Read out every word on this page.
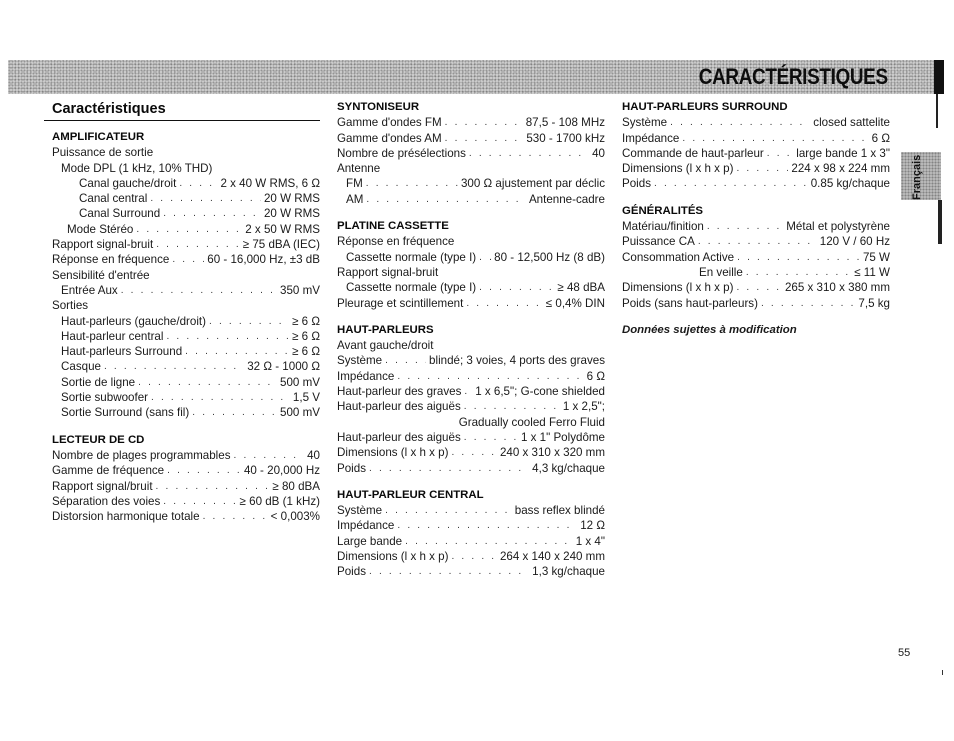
CARACTÉRISTIQUES
Français
Caractéristiques
AMPLIFICATEUR
Puissance de sortie
Mode DPL (1 kHz, 10% THD)
Canal gauche/droit . . .	2 x 40 W RMS, 6 Ω
Canal central . . .	20 W RMS
Canal Surround . . .	20 W RMS
Mode Stéréo . . .	2 x 50 W RMS
Rapport signal-bruit . . .	≥ 75 dBA (IEC)
Réponse en fréquence . . .	60 - 16,000 Hz, ±3 dB
Sensibilité d'entrée
Entrée Aux . . .	350 mV
Sorties
Haut-parleurs (gauche/droit) . . .	≥ 6 Ω
Haut-parleur central . . .	≥ 6 Ω
Haut-parleurs Surround . . .	≥ 6 Ω
Casque . . .	32 Ω - 1000 Ω
Sortie de ligne . . .	500 mV
Sortie subwoofer . . .	1,5 V
Sortie Surround (sans fil) . . .	500 mV
LECTEUR DE CD
Nombre de plages programmables . . .	40
Gamme de fréquence . . .	40 - 20,000 Hz
Rapport signal/bruit . . .	≥ 80 dBA
Séparation des voies . . .	≥ 60 dB (1 kHz)
Distorsion harmonique totale . . .	< 0,003%
SYNTONISEUR
Gamme d'ondes FM . . .	87,5 - 108 MHz
Gamme d'ondes AM . . .	530 - 1700 kHz
Nombre de présélections . . .	40
Antenne
FM . . .	300 Ω ajustement par déclic
AM . . .	Antenne-cadre
PLATINE CASSETTE
Réponse en fréquence
Cassette normale (type I) . . . 80 - 12,500 Hz (8 dB)
Rapport signal-bruit
Cassette normale (type I) . . .	≥ 48 dBA
Pleurage et scintillement . . .	≤ 0,4% DIN
HAUT-PARLEURS
Avant gauche/droit
Système . . .	blindé; 3 voies, 4 ports des graves
Impédance . . .	6 Ω
Haut-parleur des graves . . . 1 x 6,5"; G-cone shielded
Haut-parleur des aiguës . . .	1 x 2,5";
Gradually cooled Ferro Fluid
Haut-parleur des aiguës . . .	1 x 1" Polydôme
Dimensions (l x h x p) . . .	240 x 310 x 320 mm
Poids . . .	4,3 kg/chaque
HAUT-PARLEUR CENTRAL
Système . . .	bass reflex blindé
Impédance . . .	12 Ω
Large bande . . .	1 x 4"
Dimensions (l x h x p) . . .	264 x 140 x 240 mm
Poids . . .	1,3 kg/chaque
HAUT-PARLEURS SURROUND
Système . . .	closed sattelite
Impédance . . .	6 Ω
Commande de haut-parleur . . .	large bande 1 x 3"
Dimensions (l x h x p) . . .	224 x 98 x 224 mm
Poids . . .	0.85 kg/chaque
GÉNÉRALITÉS
Matériau/finition . . .	Métal et polystyrène
Puissance CA . . .	120 V / 60 Hz
Consommation Active . . .	75 W
En veille . . .	≤ 11 W
Dimensions (l x h x p) . . .	265 x 310 x 380 mm
Poids (sans haut-parleurs) . . .	7,5 kg
Données sujettes à modification
55
